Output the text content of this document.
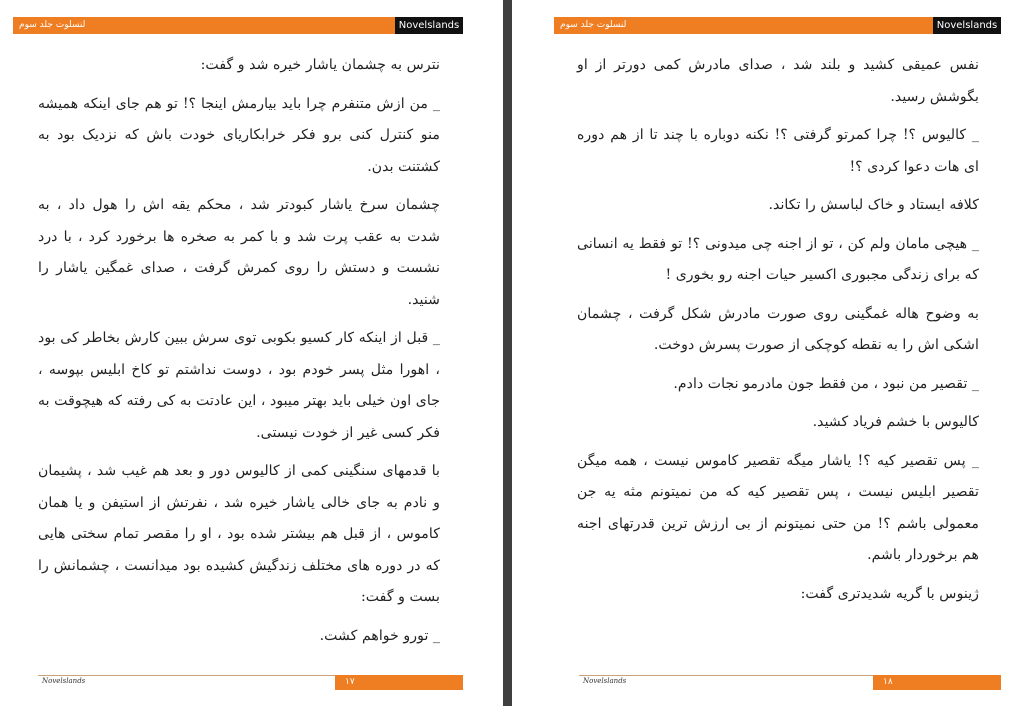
لنسلوت جلد سوم	Novelslands

نترس به چشمان یاشار خیره شد و گفت:

_ من ازش متنفرم چرا باید بیارمش اینجا ؟! تو هم جای اینکه همیشه منو کنترل کنی برو فکر خرابکاریای خودت باش که نزدیک بود به کشتنت بدن.

چشمان سرخ یاشار کبودتر شد ، محکم یقه اش را هول داد ، به شدت به عقب پرت شد و با کمر به صخره ها برخورد کرد ، با درد نشست و دستش را روی کمرش گرفت ، صدای غمگین یاشار را شنید.

_ قبل از اینکه کار کسیو بکوبی توی سرش ببین کارش بخاطر کی بود ، اهورا مثل پسر خودم بود ، دوست نداشتم تو کاخ ابلیس بپوسه ، جای اون خیلی باید بهتر میبود ، این عادتت به کی رفته که هیچوقت به فکر کسی غیر از خودت نیستی.

با قدمهای سنگینی کمی از کالیوس دور و بعد هم غیب شد ، پشیمان و نادم به جای خالی یاشار خیره شد ، نفرتش از استیفن و یا همان کاموس ، از قبل هم بیشتر شده بود ، او را مقصر تمام سختی هایی که در دوره های مختلف زندگیش کشیده بود میدانست ، چشمانش را بست و گفت:

_ تورو خواهم کشت.

Novelslands	۱۷
لنسلوت جلد سوم	Novelslands

نفس عمیقی کشید و بلند شد ، صدای مادرش کمی دورتر از او بگوشش رسید.

_ کالیوس ؟! چرا کمرتو گرفتی ؟! نکنه دوباره با چند تا از هم دوره ای هات دعوا کردی ؟!

کلافه ایستاد و خاک لباسش را تکاند.

_ هیچی مامان ولم کن ، تو از اجنه چی میدونی ؟! تو فقط یه انسانی که برای زندگی مجبوری اکسیر حیات اجنه رو بخوری !

به وضوح هاله غمگینی روی صورت مادرش شکل گرفت ، چشمان اشکی اش را به نقطه کوچکی از صورت پسرش دوخت.

_ تقصیر من نبود ، من فقط جون مادرمو نجات دادم.

کالیوس با خشم فریاد کشید.

_ پس تقصیر کیه ؟! یاشار میگه تقصیر کاموس نیست ، همه میگن تقصیر ابلیس نیست ، پس تقصیر کیه که من نمیتونم مثه یه جن معمولی باشم ؟! من حتی نمیتونم از بی ارزش ترین قدرتهای اجنه هم برخوردار باشم.

ژینوس با گریه شدیدتری گفت:

Novelslands	۱۸
